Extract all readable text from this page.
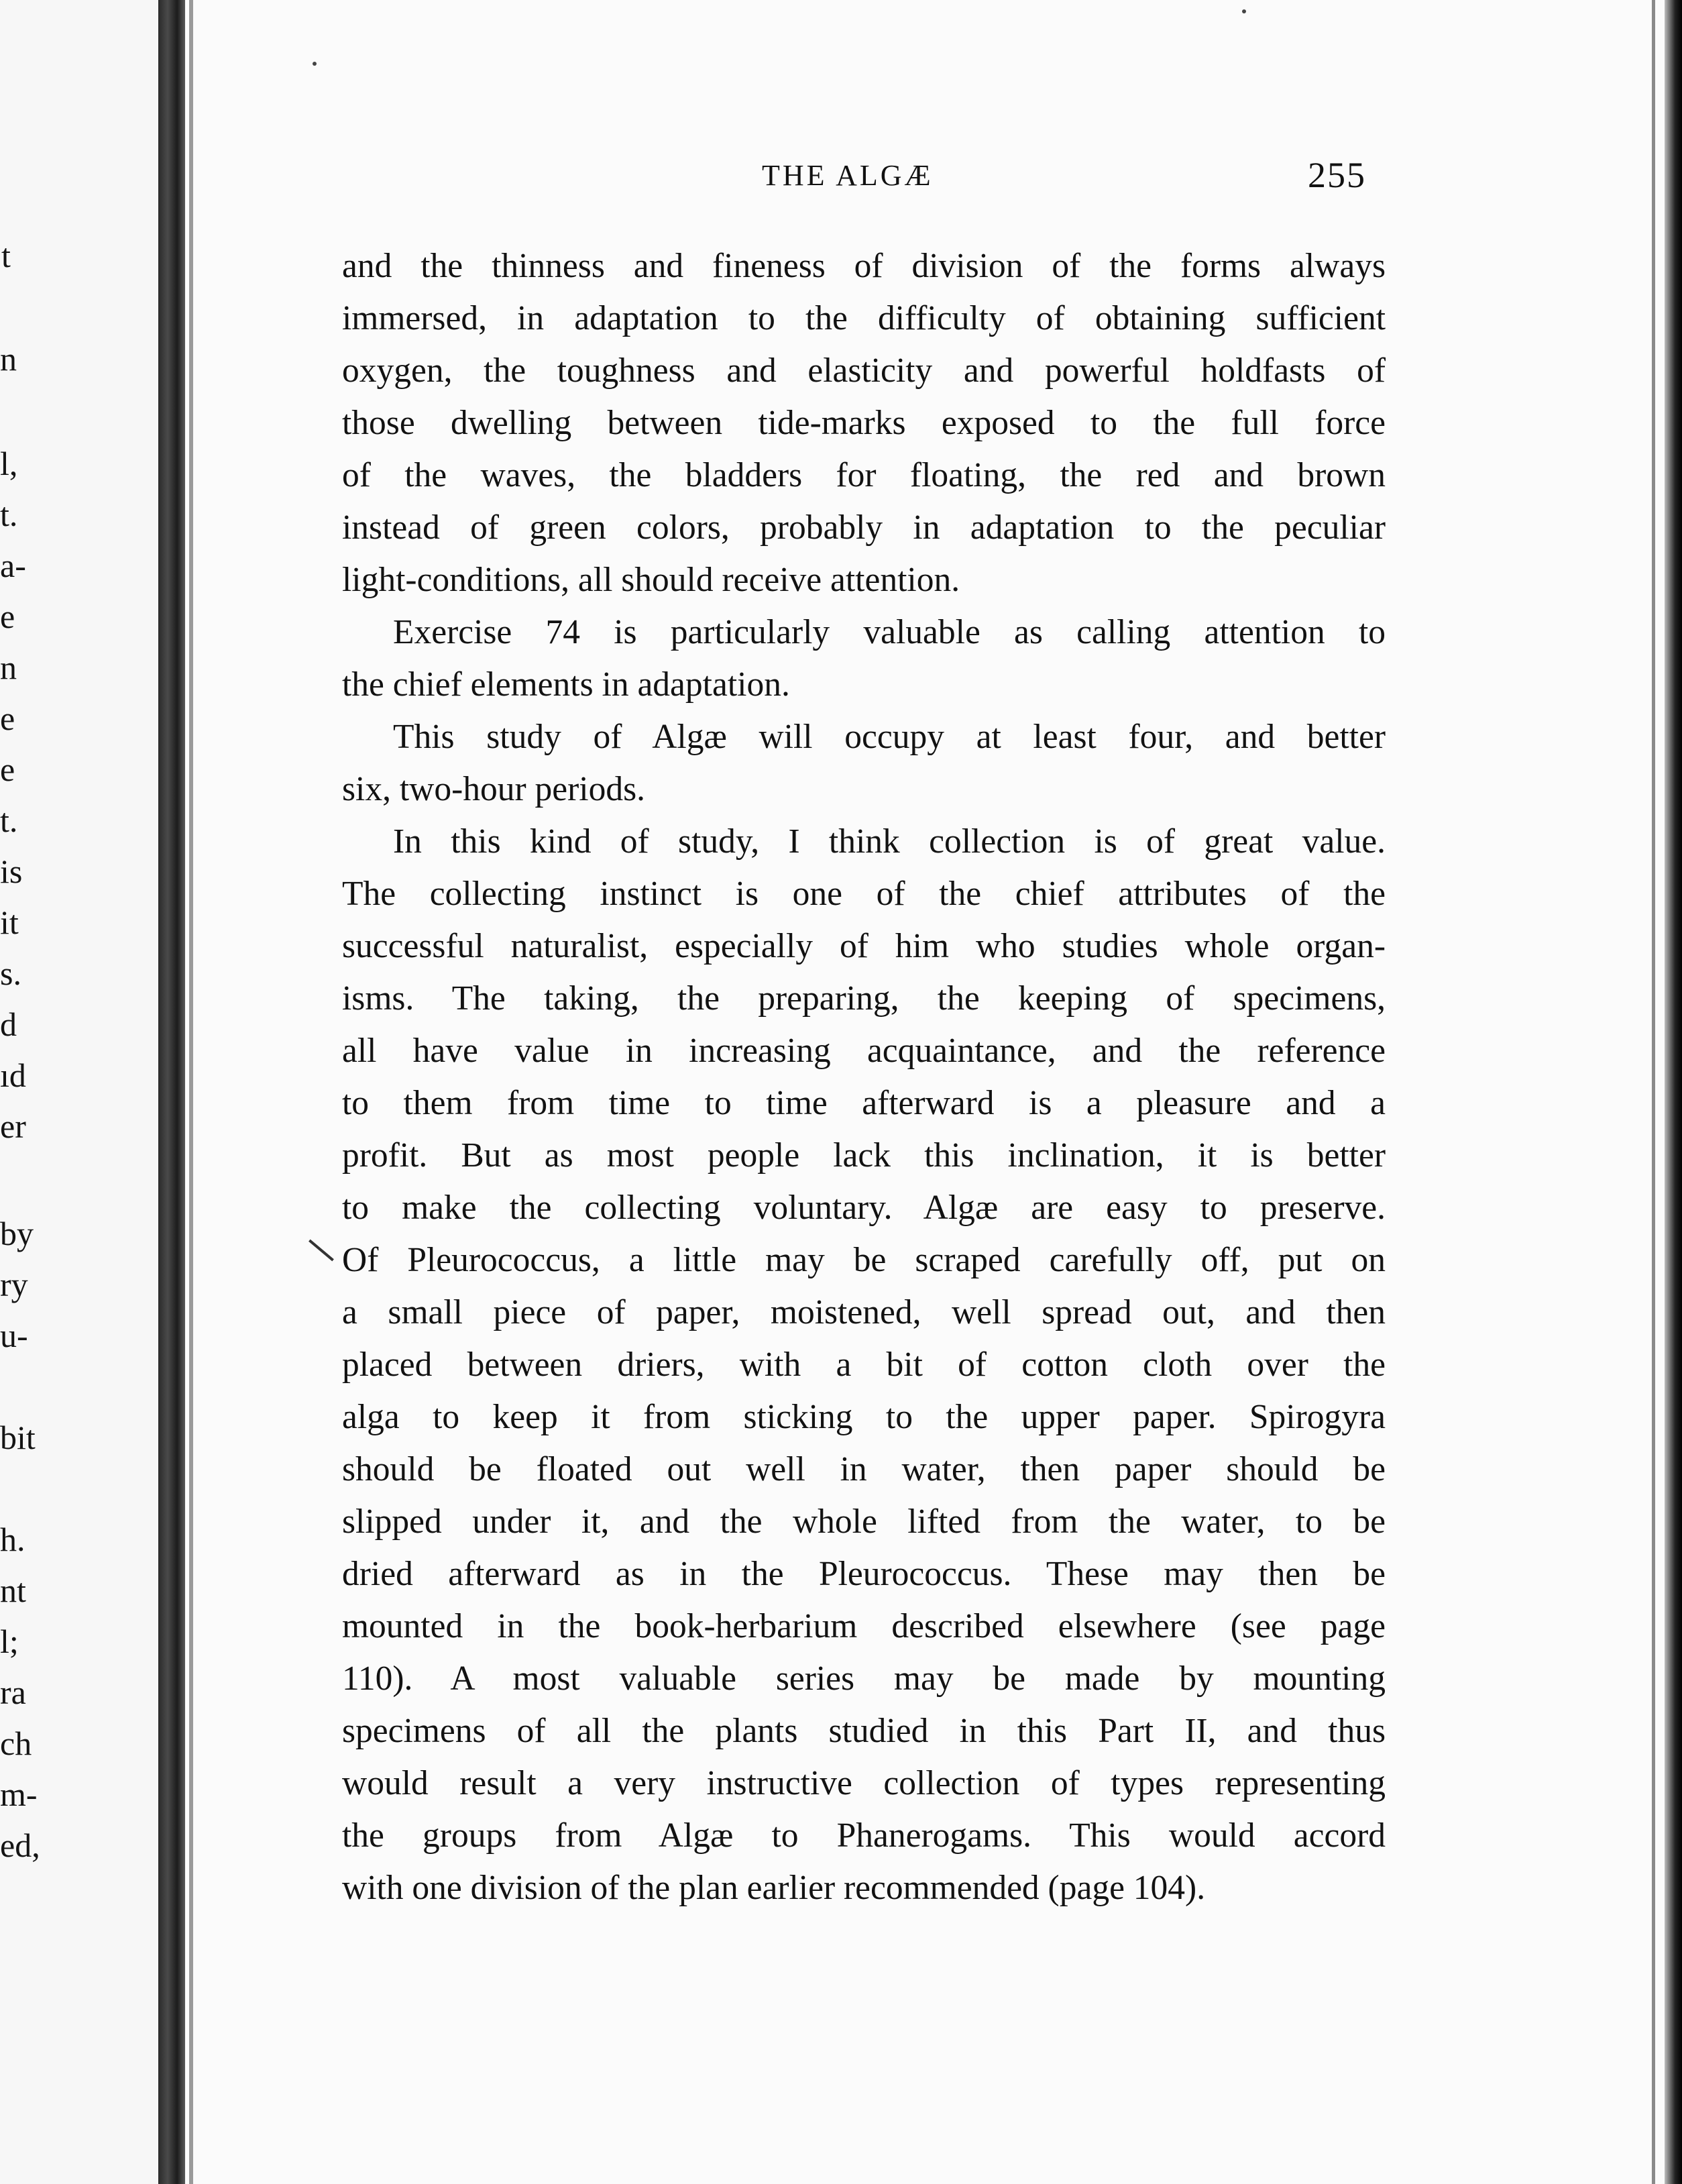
t
n
l,
t.
a-
e
n
e
e
t.
is
it
s.
d
ıd
er
by
ry
u-
bit
h.
nt
l;
ra
ch
m-
ed,
THE ALGÆ	255
and the thinness and fineness of division of the forms always
immersed, in adaptation to the difficulty of obtaining sufficient
oxygen, the toughness and elasticity and powerful holdfasts of
those dwelling between tide-marks exposed to the full force
of the waves, the bladders for floating, the red and brown
instead of green colors, probably in adaptation to the peculiar
light-conditions, all should receive attention.
Exercise 74 is particularly valuable as calling attention to
the chief elements in adaptation.
This study of Algæ will occupy at least four, and better
six, two-hour periods.
In this kind of study, I think collection is of great value.
The collecting instinct is one of the chief attributes of the
successful naturalist, especially of him who studies whole organ-
isms. The taking, the preparing, the keeping of specimens,
all have value in increasing acquaintance, and the reference
to them from time to time afterward is a pleasure and a
profit. But as most people lack this inclination, it is better
to make the collecting voluntary. Algæ are easy to preserve.
Of Pleurococcus, a little may be scraped carefully off, put on
a small piece of paper, moistened, well spread out, and then
placed between driers, with a bit of cotton cloth over the
alga to keep it from sticking to the upper paper. Spirogyra
should be floated out well in water, then paper should be
slipped under it, and the whole lifted from the water, to be
dried afterward as in the Pleurococcus. These may then be
mounted in the book-herbarium described elsewhere (see page
110). A most valuable series may be made by mounting
specimens of all the plants studied in this Part II, and thus
would result a very instructive collection of types representing
the groups from Algæ to Phanerogams. This would accord
with one division of the plan earlier recommended (page 104).
